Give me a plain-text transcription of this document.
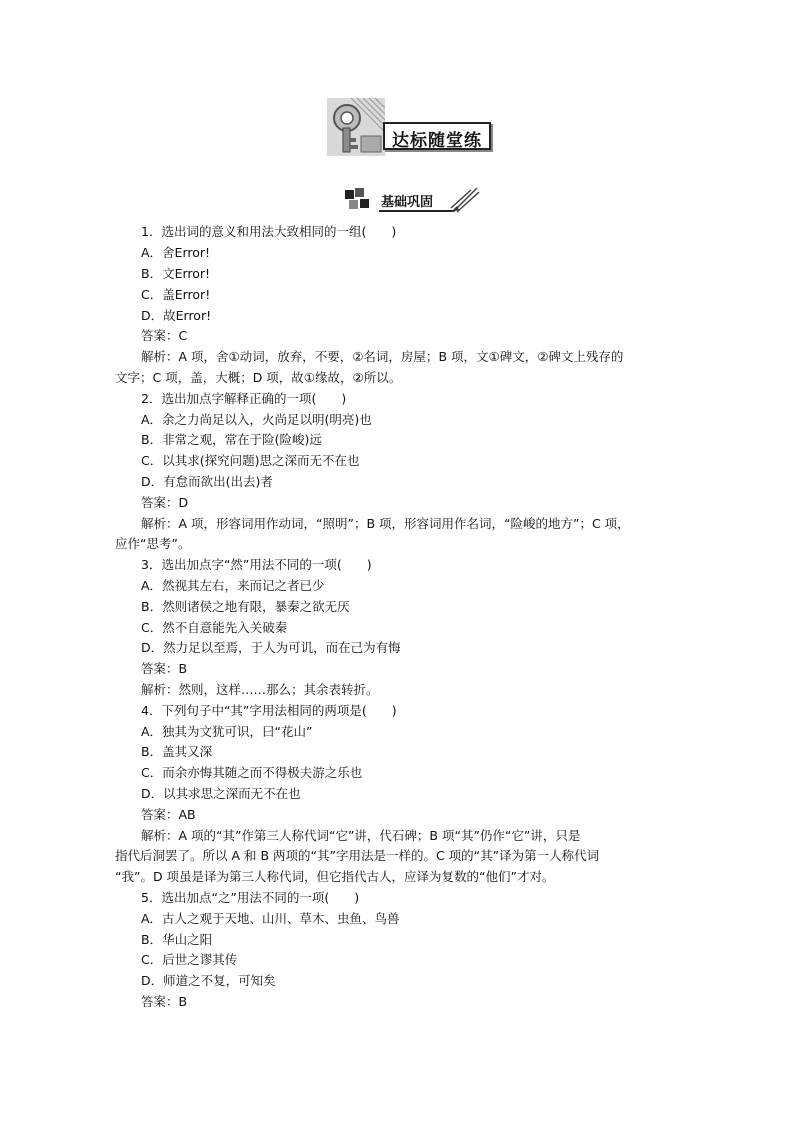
达标随堂练
基础巩固
1．选出词的意义和用法大致相同的一组(　　)
A．舍Error!
B．文Error!
C．盖Error!
D．故Error!
答案：C
解析：A 项，舍①动词，放弃，不要，②名词，房屋；B 项，文①碑文，②碑文上残存的
文字；C 项，盖，大概；D 项，故①缘故，②所以。
2．选出加点字解释正确的一项(　　)
A．余之力尚足以入，火尚足以明(明亮)也
B．非常之观，常在于险(险峻)远
C．以其求(探究问题)思之深而无不在也
D．有怠而欲出(出去)者
答案：D
解析：A 项，形容词用作动词，“照明”；B 项，形容词用作名词，“险峻的地方”；C 项，
应作“思考”。
3．选出加点字“然”用法不同的一项(　　)
A．然视其左右，来而记之者已少
B．然则诸侯之地有限，暴秦之欲无厌
C．然不自意能先入关破秦
D．然力足以至焉，于人为可讥，而在己为有悔
答案：B
解析：然则，这样……那么；其余表转折。
4．下列句子中“其”字用法相同的两项是(　　)
A．独其为文犹可识，曰“花山”
B．盖其又深
C．而余亦悔其随之而不得极夫游之乐也
D．以其求思之深而无不在也
答案：AB
解析：A 项的“其”作第三人称代词“它”讲，代石碑；B 项“其”仍作“它”讲，只是
指代后洞罢了。所以 A 和 B 两项的“其”字用法是一样的。C 项的“其”译为第一人称代词
“我”。D 项虽是译为第三人称代词，但它指代古人，应译为复数的“他们”才对。
5．选出加点“之”用法不同的一项(　　)
A．古人之观于天地、山川、草木、虫鱼、鸟兽
B．华山之阳
C．后世之谬其传
D．师道之不复，可知矣
答案：B
